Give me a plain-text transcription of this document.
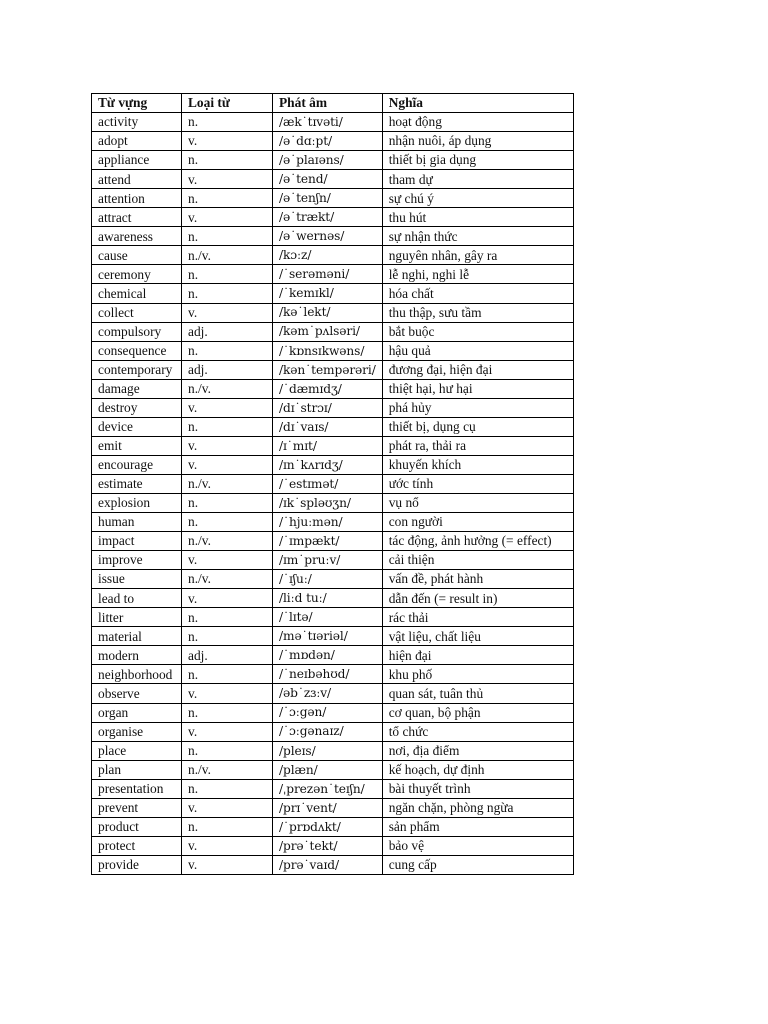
Từ vựng	Loại từ	Phát âm	Nghĩa
activity	n.	/æk˙tɪvəti/	hoạt động
adopt	v.	/ə˙dɑːpt/	nhận nuôi, áp dụng
appliance	n.	/ə˙plaɪəns/	thiết bị gia dụng
attend	v.	/ə˙tend/	tham dự
attention	n.	/ə˙tenʃn/	sự chú ý
attract	v.	/ə˙trækt/	thu hút
awareness	n.	/ə˙wernəs/	sự nhận thức
cause	n./v.	/kɔːz/	nguyên nhân, gây ra
ceremony	n.	/˙serəməni/	lễ nghi, nghi lễ
chemical	n.	/˙kemɪkl/	hóa chất
collect	v.	/kə˙lekt/	thu thập, sưu tầm
compulsory	adj.	/kəm˙pʌlsəri/	bắt buộc
consequence	n.	/˙kɒnsɪkwəns/	hậu quả
contemporary	adj.	/kən˙tempərəri/	đương đại, hiện đại
damage	n./v.	/˙dæmɪdʒ/	thiệt hại, hư hại
destroy	v.	/dɪ˙strɔɪ/	phá hủy
device	n.	/dɪ˙vaɪs/	thiết bị, dụng cụ
emit	v.	/ɪ˙mɪt/	phát ra, thải ra
encourage	v.	/ɪn˙kʌrɪdʒ/	khuyến khích
estimate	n./v.	/˙estɪmət/	ước tính
explosion	n.	/ɪk˙spləʊʒn/	vụ nổ
human	n.	/˙hjuːmən/	con người
impact	n./v.	/˙ɪmpækt/	tác động, ảnh hưởng (= effect)
improve	v.	/ɪm˙pruːv/	cải thiện
issue	n./v.	/˙ɪʃuː/	vấn đề, phát hành
lead to	v.	/liːd tuː/	dẫn đến (= result in)
litter	n.	/˙lɪtə/	rác thải
material	n.	/mə˙tɪəriəl/	vật liệu, chất liệu
modern	adj.	/˙mɒdən/	hiện đại
neighborhood	n.	/˙neɪbəhʊd/	khu phố
observe	v.	/əb˙zɜːv/	quan sát, tuân thủ
organ	n.	/˙ɔːgən/	cơ quan, bộ phận
organise	v.	/˙ɔːgənaɪz/	tổ chức
place	n.	/pleɪs/	nơi, địa điểm
plan	n./v.	/plæn/	kế hoạch, dự định
presentation	n.	/ˌprezən˙teɪʃn/	bài thuyết trình
prevent	v.	/prɪ˙vent/	ngăn chặn, phòng ngừa
product	n.	/˙prɒdʌkt/	sản phẩm
protect	v.	/prə˙tekt/	bảo vệ
provide	v.	/prə˙vaɪd/	cung cấp
